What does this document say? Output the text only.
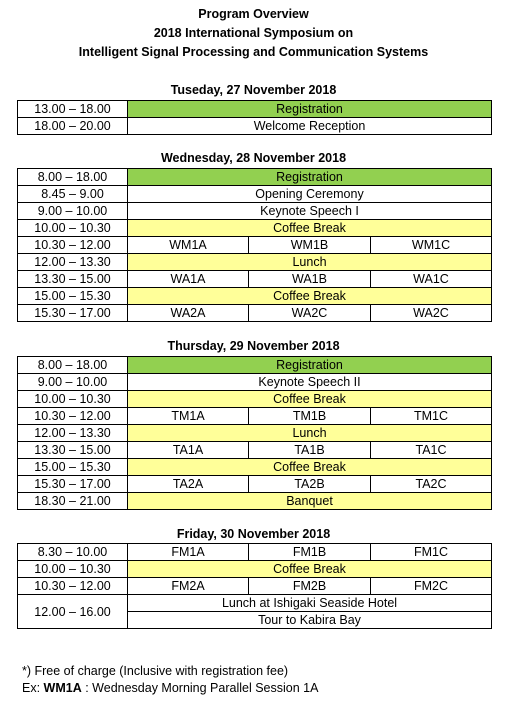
Program Overview
2018 International Symposium on
Intelligent Signal Processing and Communication Systems
Tuseday, 27 November 2018
13.00 – 18.00	Registration
18.00 – 20.00	Welcome Reception
Wednesday, 28 November 2018
8.00 – 18.00	Registration		
8.45 – 9.00	Opening Ceremony		
9.00 – 10.00	Keynote Speech I		
10.00 – 10.30	Coffee Break		
10.30 – 12.00	WM1A	WM1B	WM1C
12.00 – 13.30	Lunch		
13.30 – 15.00	WA1A	WA1B	WA1C
15.00 – 15.30	Coffee Break		
15.30 – 17.00	WA2A	WA2C	WA2C
Thursday, 29 November 2018
8.00 – 18.00	Registration		
9.00 – 10.00	Keynote Speech II		
10.00 – 10.30	Coffee Break		
10.30 – 12.00	TM1A	TM1B	TM1C
12.00 – 13.30	Lunch		
13.30 – 15.00	TA1A	TA1B	TA1C
15.00 – 15.30	Coffee Break		
15.30 – 17.00	TA2A	TA2B	TA2C
18.30 – 21.00	Banquet		
Friday, 30 November 2018
8.30 – 10.00	FM1A	FM1B	FM1C
10.00 – 10.30	Coffee Break		
10.30 – 12.00	FM2A	FM2B	FM2C
12.00 – 16.00	Lunch at Ishigaki Seaside Hotel		
	Tour to Kabira Bay		
*) Free of charge (Inclusive with registration fee)
Ex: WM1A : Wednesday Morning Parallel Session 1A
